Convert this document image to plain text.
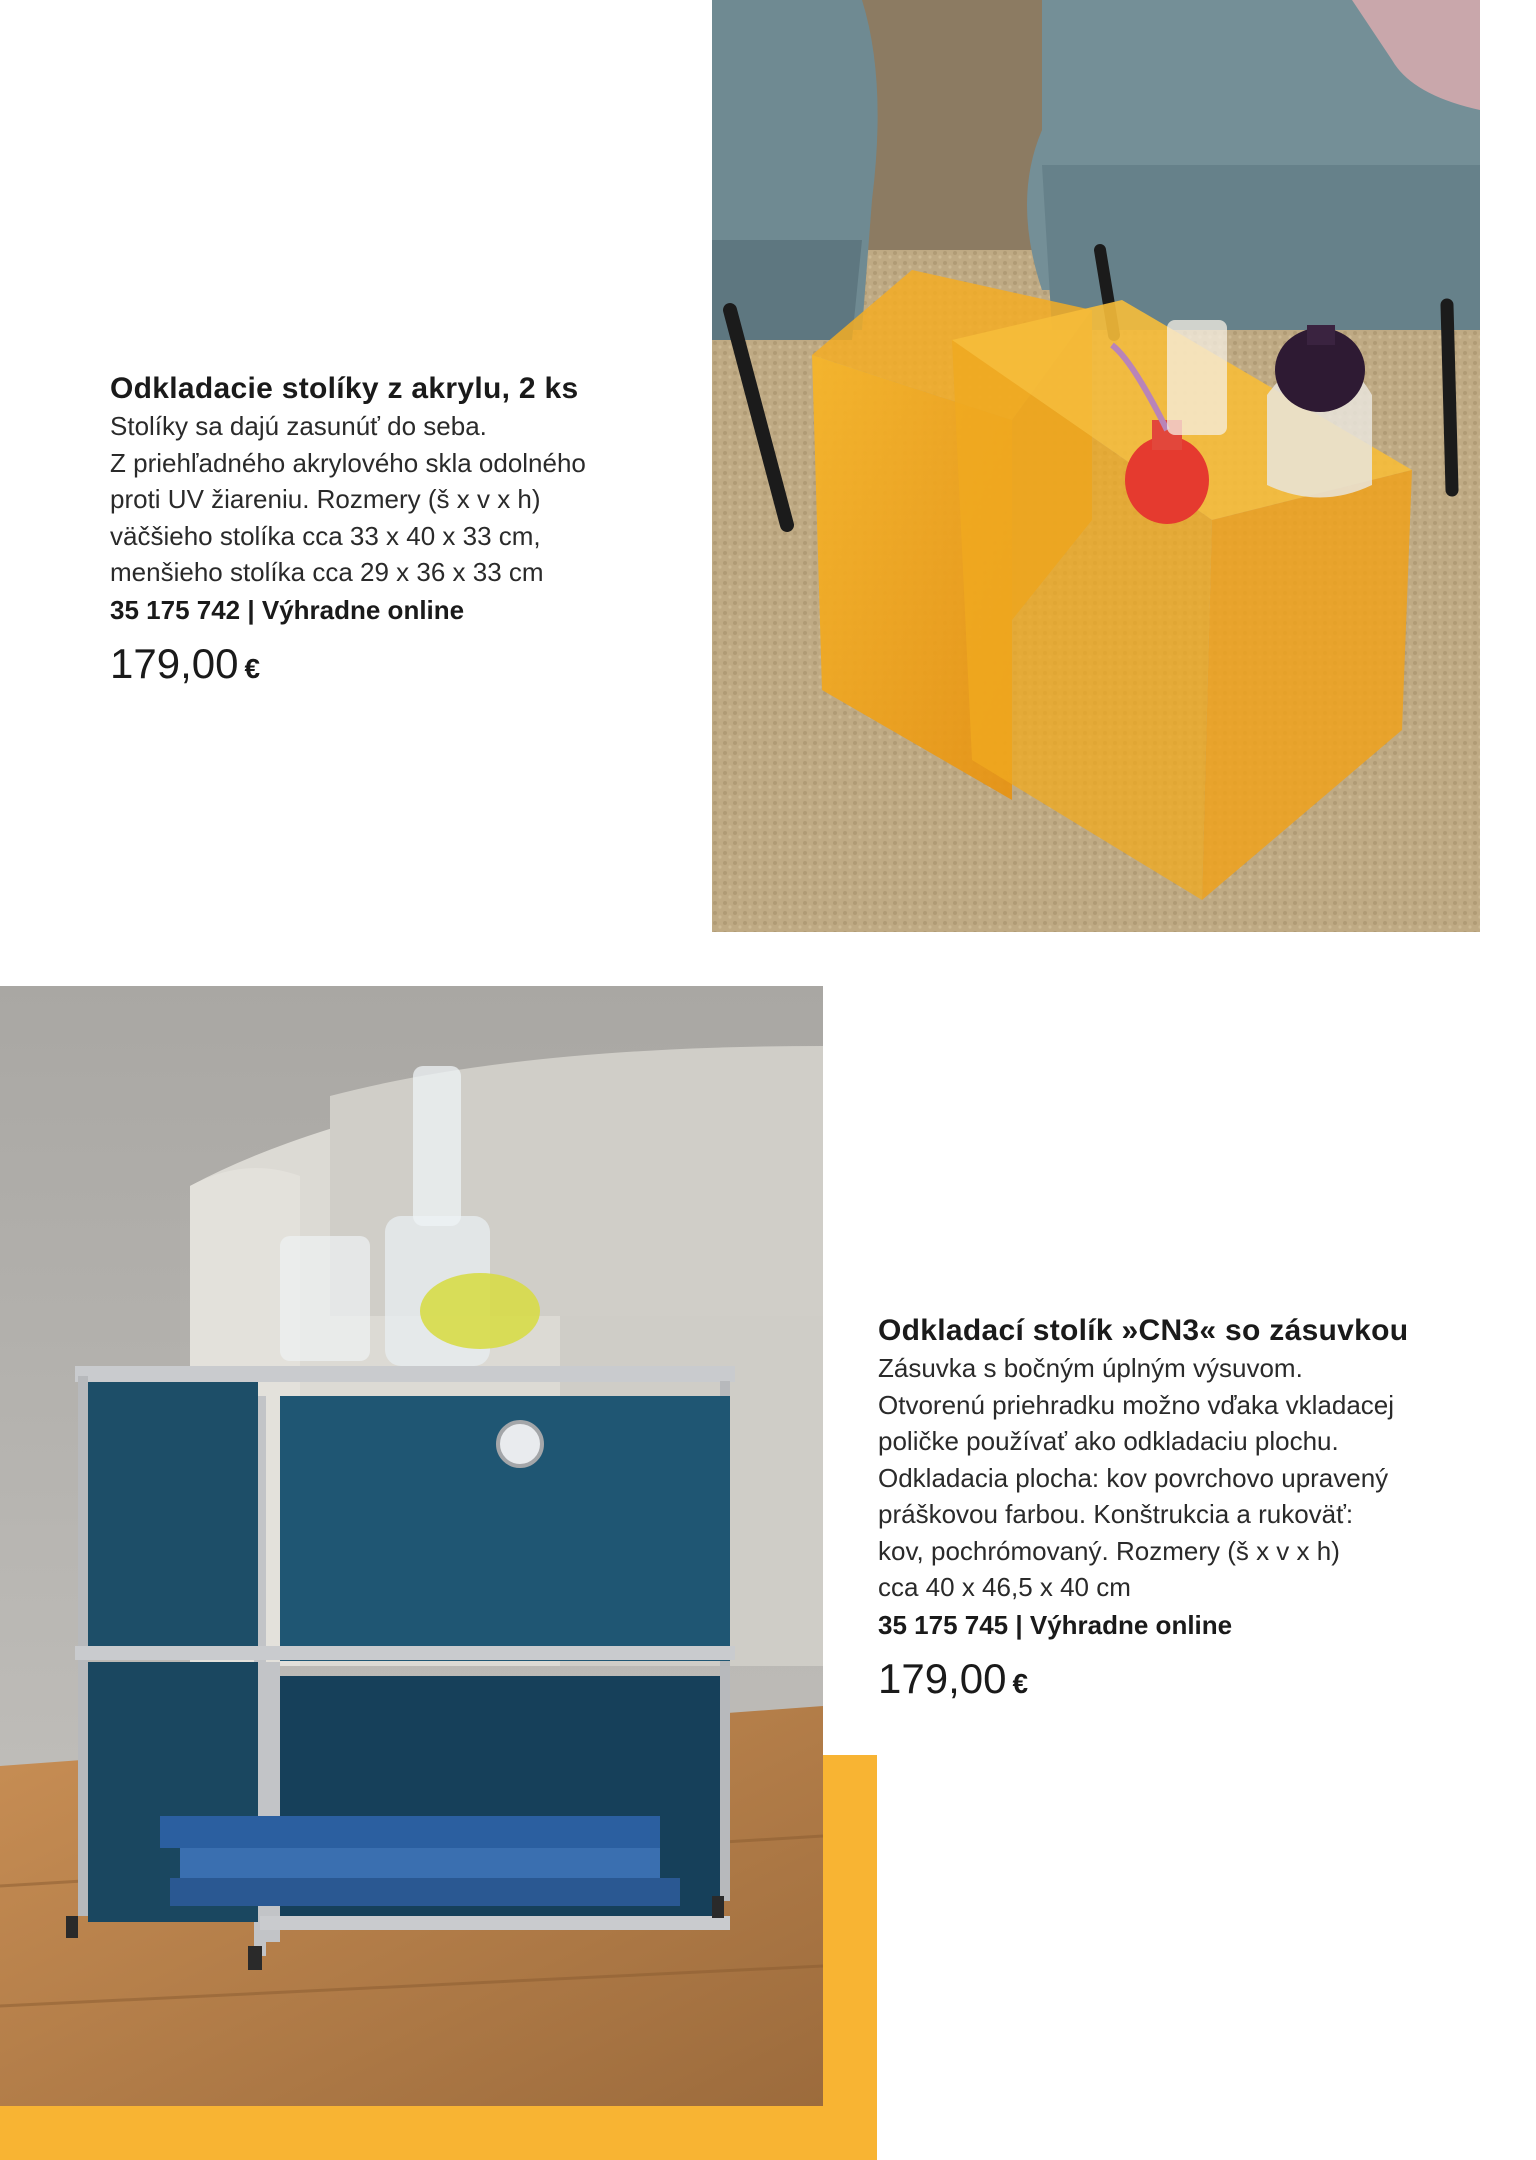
Odkladacie stolíky z akrylu, 2 ks
Stolíky sa dajú zasunúť do seba.
Z priehľadného akrylového skla odolného
proti UV žiareniu. Rozmery (š x v x h)
väčšieho stolíka cca 33 x 40 x 33 cm,
menšieho stolíka cca 29 x 36 x 33 cm
35 175 742 | Výhradne online
179,00 €
Odkladací stolík »CN3« so zásuvkou
Zásuvka s bočným úplným výsuvom.
Otvorenú priehradku možno vďaka vkladacej
poličke používať ako odkladaciu plochu.
Odkladacia plocha: kov povrchovo upravený
práškovou farbou. Konštrukcia a rukoväť:
kov, pochrómovaný. Rozmery (š x v x h)
cca 40 x 46,5 x 40 cm
35 175 745 | Výhradne online
179,00 €
